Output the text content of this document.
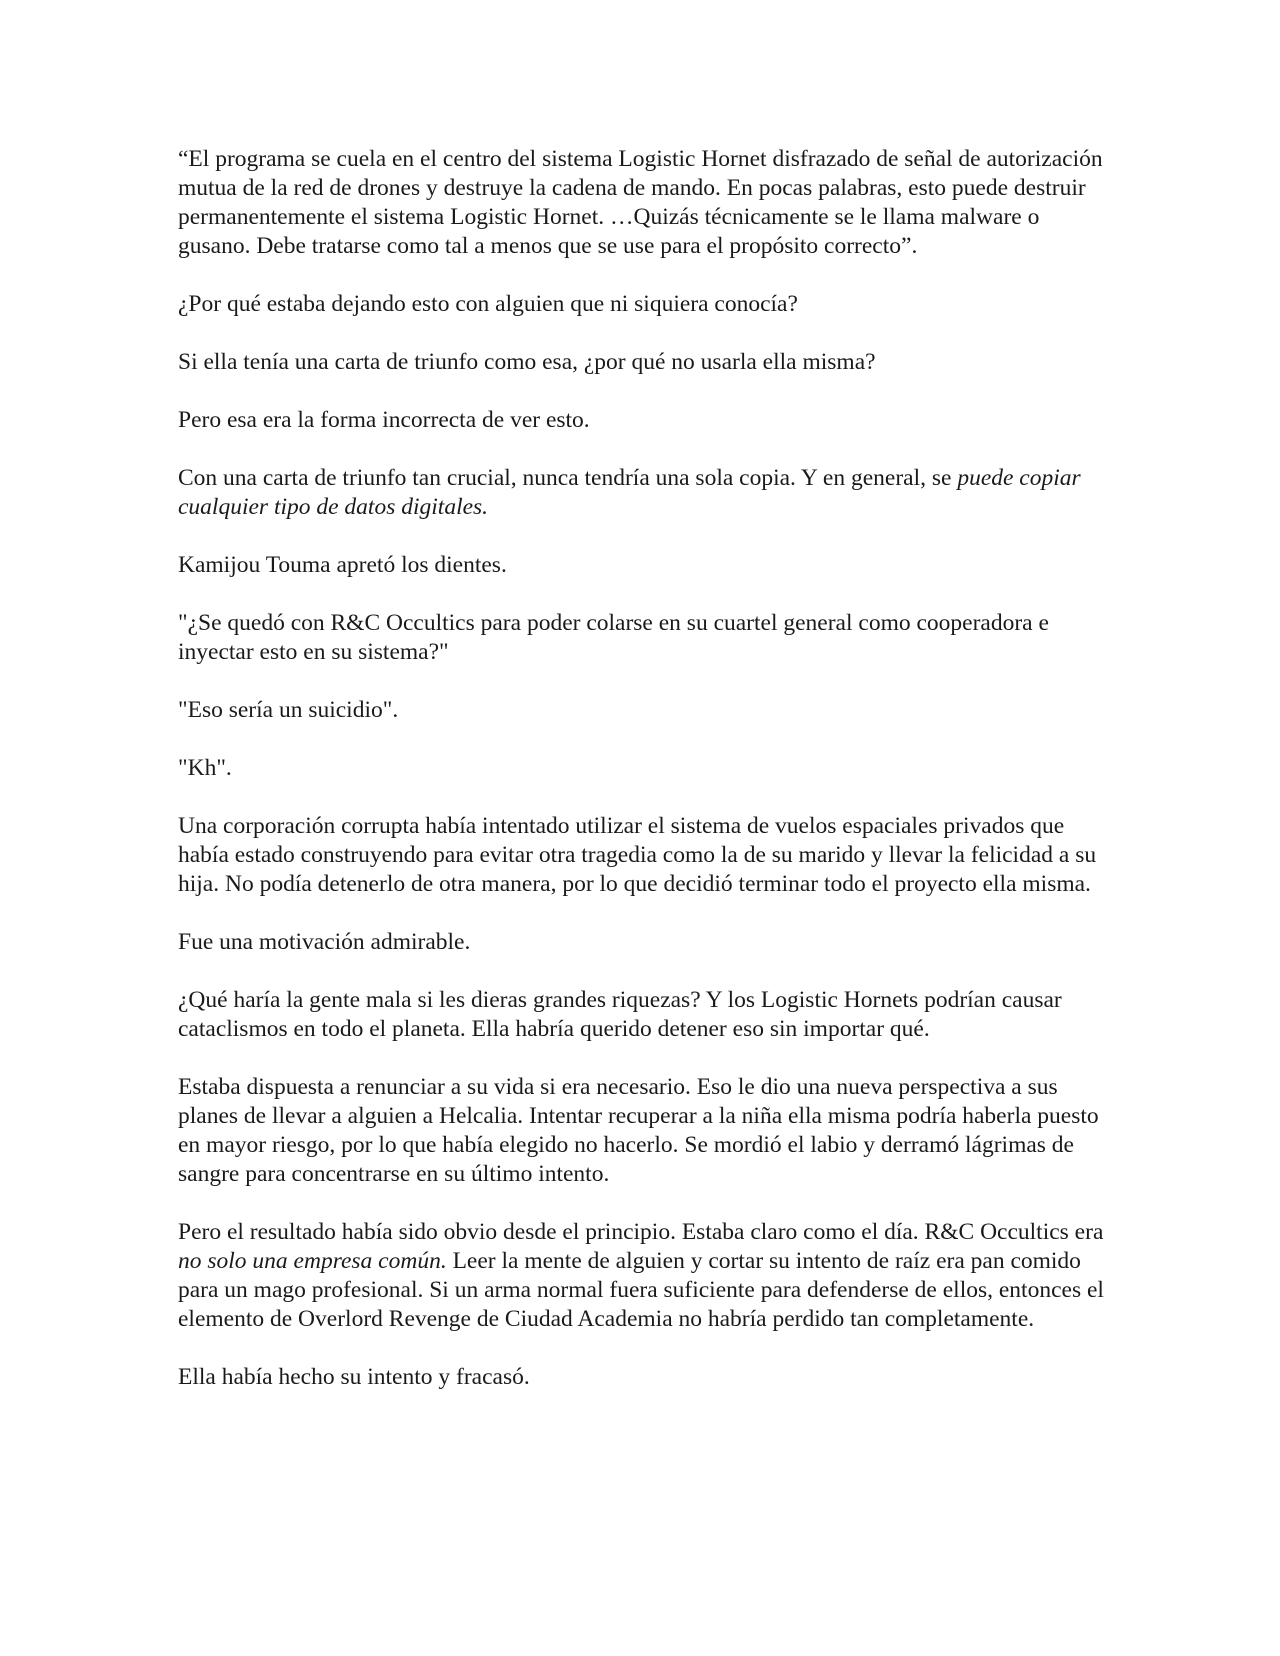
“El programa se cuela en el centro del sistema Logistic Hornet disfrazado de señal de autorización mutua de la red de drones y destruye la cadena de mando. En pocas palabras, esto puede destruir permanentemente el sistema Logistic Hornet. …Quizás técnicamente se le llama malware o gusano. Debe tratarse como tal a menos que se use para el propósito correcto”.

¿Por qué estaba dejando esto con alguien que ni siquiera conocía?

Si ella tenía una carta de triunfo como esa, ¿por qué no usarla ella misma?

Pero esa era la forma incorrecta de ver esto.

Con una carta de triunfo tan crucial, nunca tendría una sola copia. Y en general, se puede copiar cualquier tipo de datos digitales.

Kamijou Touma apretó los dientes.

"¿Se quedó con R&C Occultics para poder colarse en su cuartel general como cooperadora e inyectar esto en su sistema?"

"Eso sería un suicidio".

"Kh".

Una corporación corrupta había intentado utilizar el sistema de vuelos espaciales privados que había estado construyendo para evitar otra tragedia como la de su marido y llevar la felicidad a su hija. No podía detenerlo de otra manera, por lo que decidió terminar todo el proyecto ella misma.

Fue una motivación admirable.

¿Qué haría la gente mala si les dieras grandes riquezas? Y los Logistic Hornets podrían causar cataclismos en todo el planeta. Ella habría querido detener eso sin importar qué.

Estaba dispuesta a renunciar a su vida si era necesario. Eso le dio una nueva perspectiva a sus planes de llevar a alguien a Helcalia. Intentar recuperar a la niña ella misma podría haberla puesto en mayor riesgo, por lo que había elegido no hacerlo. Se mordió el labio y derramó lágrimas de sangre para concentrarse en su último intento.

Pero el resultado había sido obvio desde el principio. Estaba claro como el día. R&C Occultics era no solo una empresa común. Leer la mente de alguien y cortar su intento de raíz era pan comido para un mago profesional. Si un arma normal fuera suficiente para defenderse de ellos, entonces el elemento de Overlord Revenge de Ciudad Academia no habría perdido tan completamente.

Ella había hecho su intento y fracasó.
